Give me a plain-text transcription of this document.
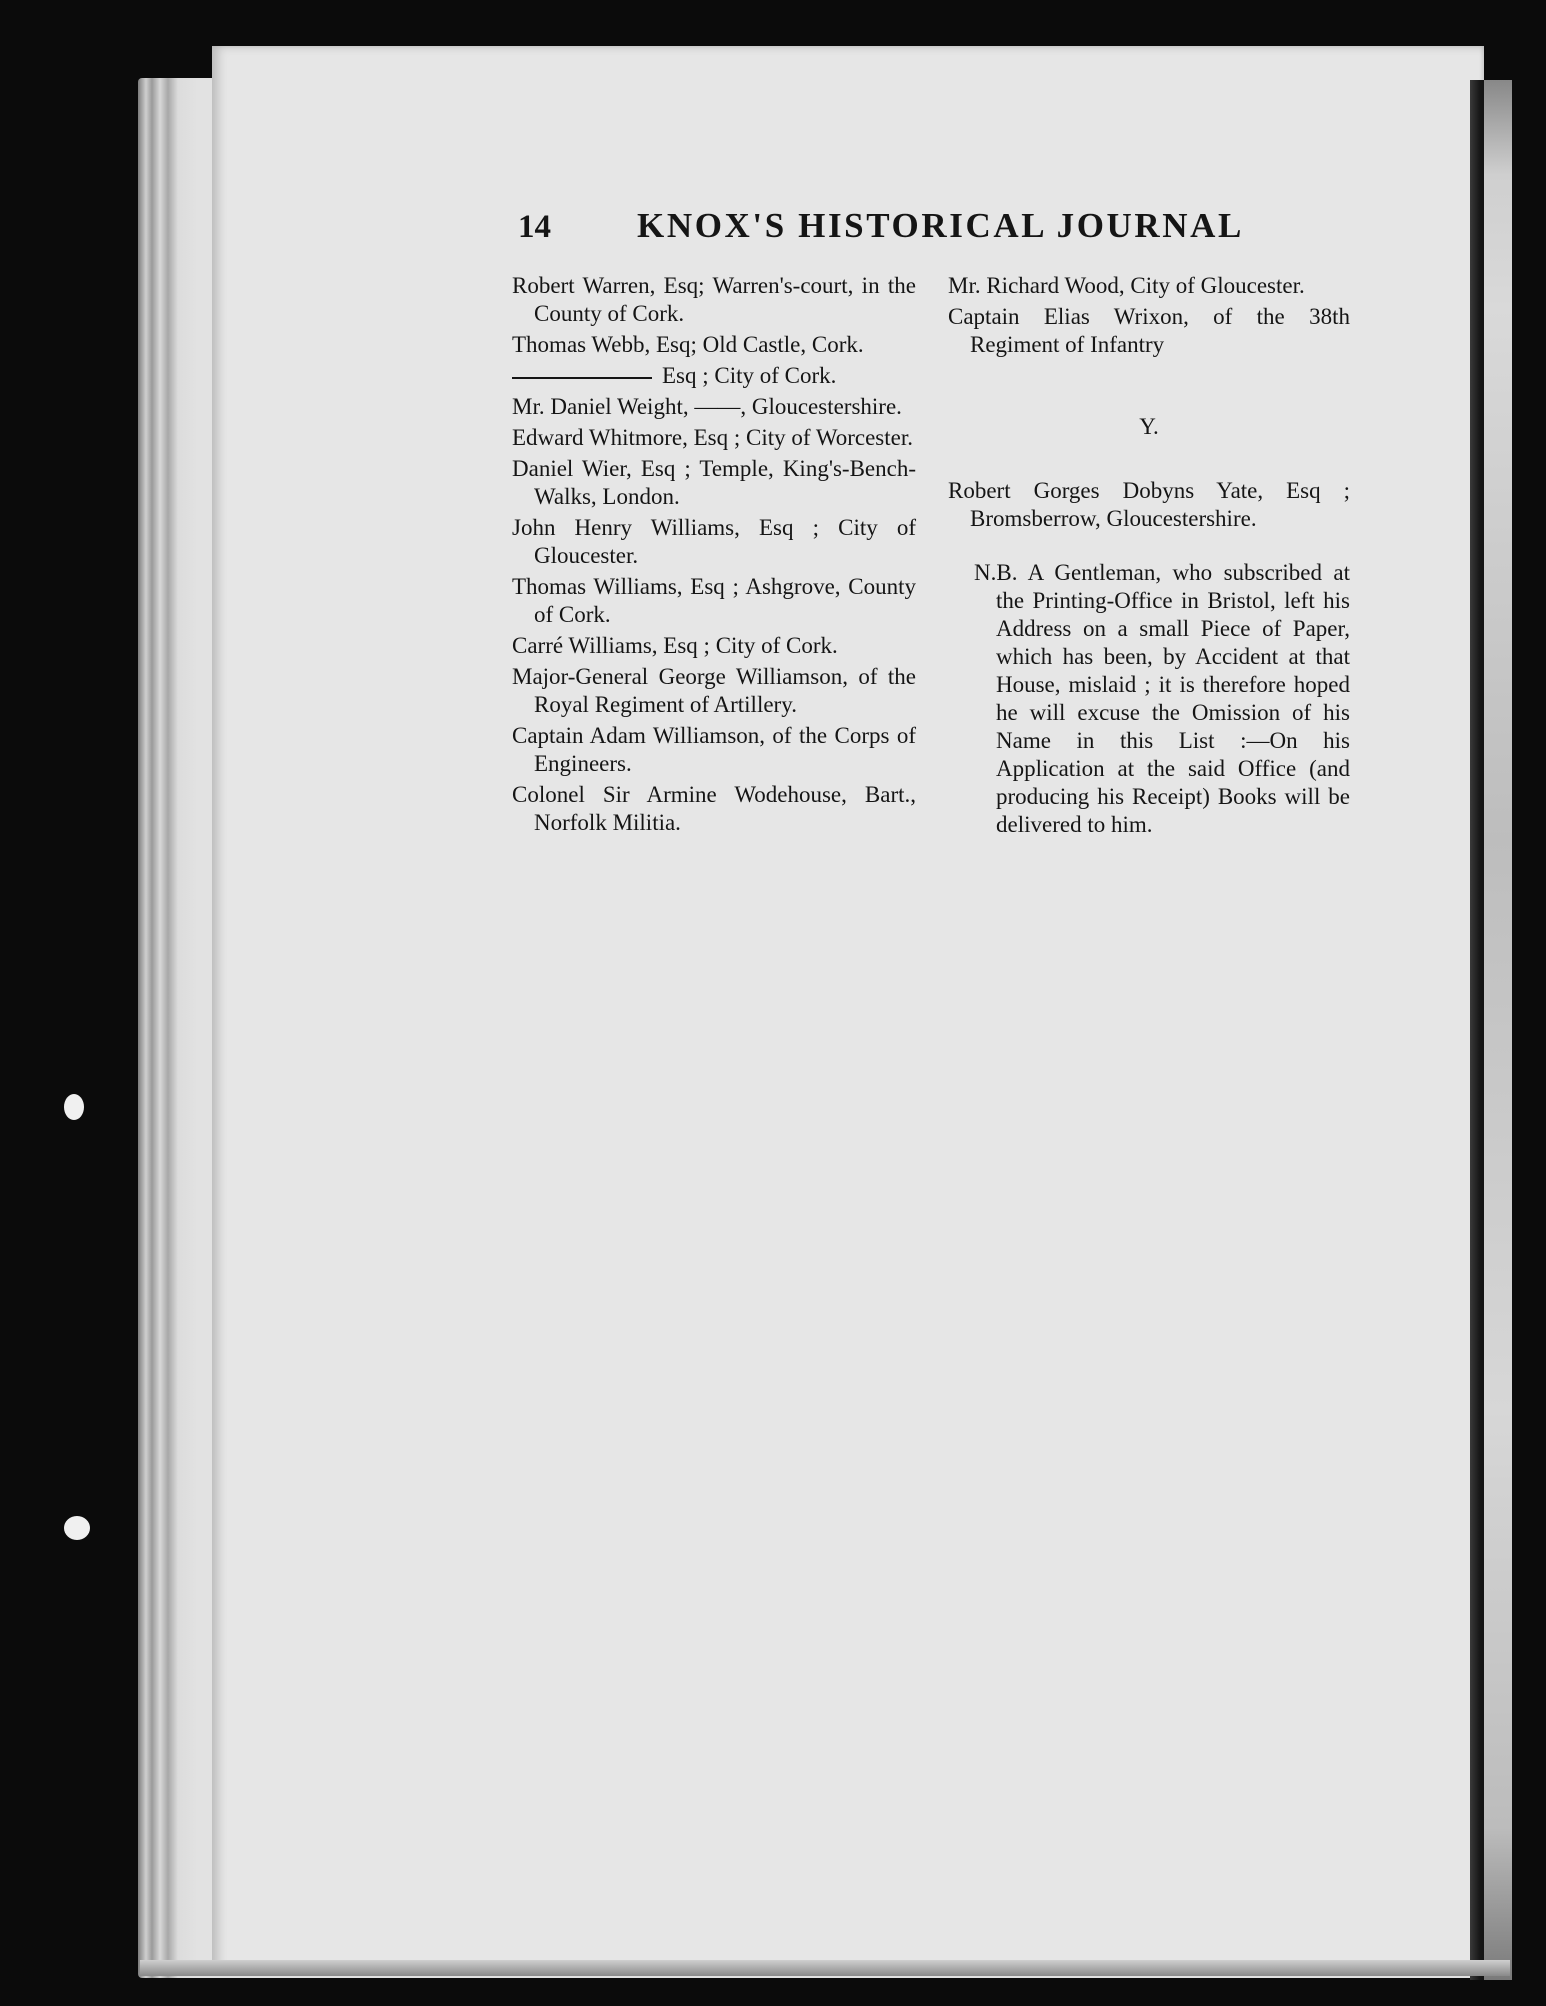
14 KNOX'S HISTORICAL JOURNAL

Robert Warren, Esq; Warren's-court, in the County of Cork.

Thomas Webb, Esq; Old Castle, Cork.

Esq ; City of Cork.

Mr. Daniel Weight, ——, Gloucestershire.

Edward Whitmore, Esq ; City of Worcester.

Daniel Wier, Esq ; Temple, King's-Bench-Walks, London.

John Henry Williams, Esq ; City of Gloucester.

Thomas Williams, Esq ; Ashgrove, County of Cork.

Carré Williams, Esq ; City of Cork.

Major-General George Williamson, of the Royal Regiment of Artillery.

Captain Adam Williamson, of the Corps of Engineers.

Colonel Sir Armine Wodehouse, Bart., Norfolk Militia.

Mr. Richard Wood, City of Gloucester.

Captain Elias Wrixon, of the 38th Regiment of Infantry

Y.

Robert Gorges Dobyns Yate, Esq ; Bromsberrow, Gloucestershire.

N.B. A Gentleman, who subscribed at the Printing-Office in Bristol, left his Address on a small Piece of Paper, which has been, by Accident at that House, mislaid ; it is therefore hoped he will excuse the Omission of his Name in this List :—On his Application at the said Office (and producing his Receipt) Books will be delivered to him.
